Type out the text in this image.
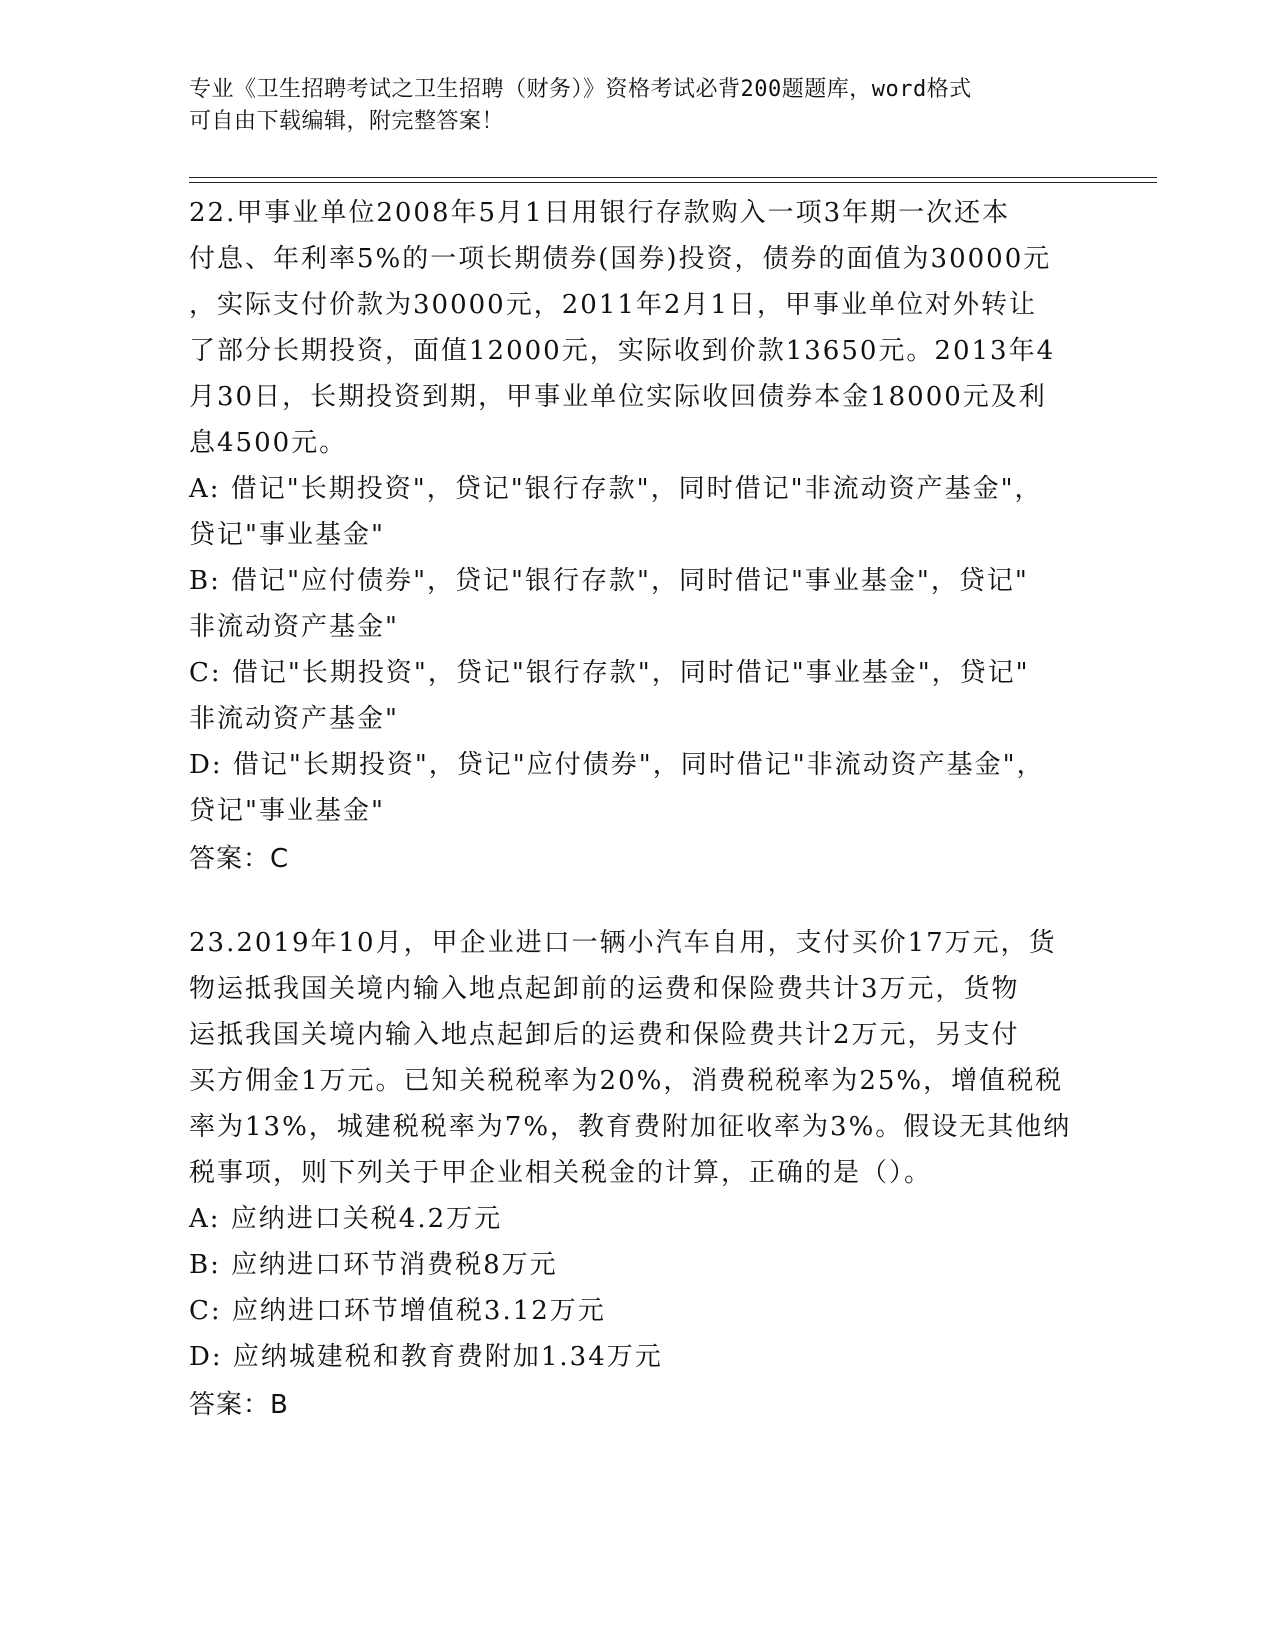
专业《卫生招聘考试之卫生招聘（财务）》资格考试必背200题题库，word格式
可自由下载编辑，附完整答案！
22.甲事业单位2008年5月1日用银行存款购入一项3年期一次还本
付息、年利率5%的一项长期债券(国券)投资，债券的面值为30000元
，实际支付价款为30000元，2011年2月1日，甲事业单位对外转让
了部分长期投资，面值12000元，实际收到价款13650元。2013年4
月30日，长期投资到期，甲事业单位实际收回债券本金18000元及利
息4500元。
A: 借记"长期投资"，贷记"银行存款"，同时借记"非流动资产基金"，
贷记"事业基金"
B: 借记"应付债券"，贷记"银行存款"，同时借记"事业基金"，贷记"
非流动资产基金"
C: 借记"长期投资"，贷记"银行存款"，同时借记"事业基金"，贷记"
非流动资产基金"
D: 借记"长期投资"，贷记"应付债券"，同时借记"非流动资产基金"，
贷记"事业基金"
答案：C
23.2019年10月，甲企业进口一辆小汽车自用，支付买价17万元，货
物运抵我国关境内输入地点起卸前的运费和保险费共计3万元，货物
运抵我国关境内输入地点起卸后的运费和保险费共计2万元，另支付
买方佣金1万元。已知关税税率为20%，消费税税率为25%，增值税税
率为13%，城建税税率为7%，教育费附加征收率为3%。假设无其他纳
税事项，则下列关于甲企业相关税金的计算，正确的是（）。
A: 应纳进口关税4.2万元
B: 应纳进口环节消费税8万元
C: 应纳进口环节增值税3.12万元
D: 应纳城建税和教育费附加1.34万元
答案：B
